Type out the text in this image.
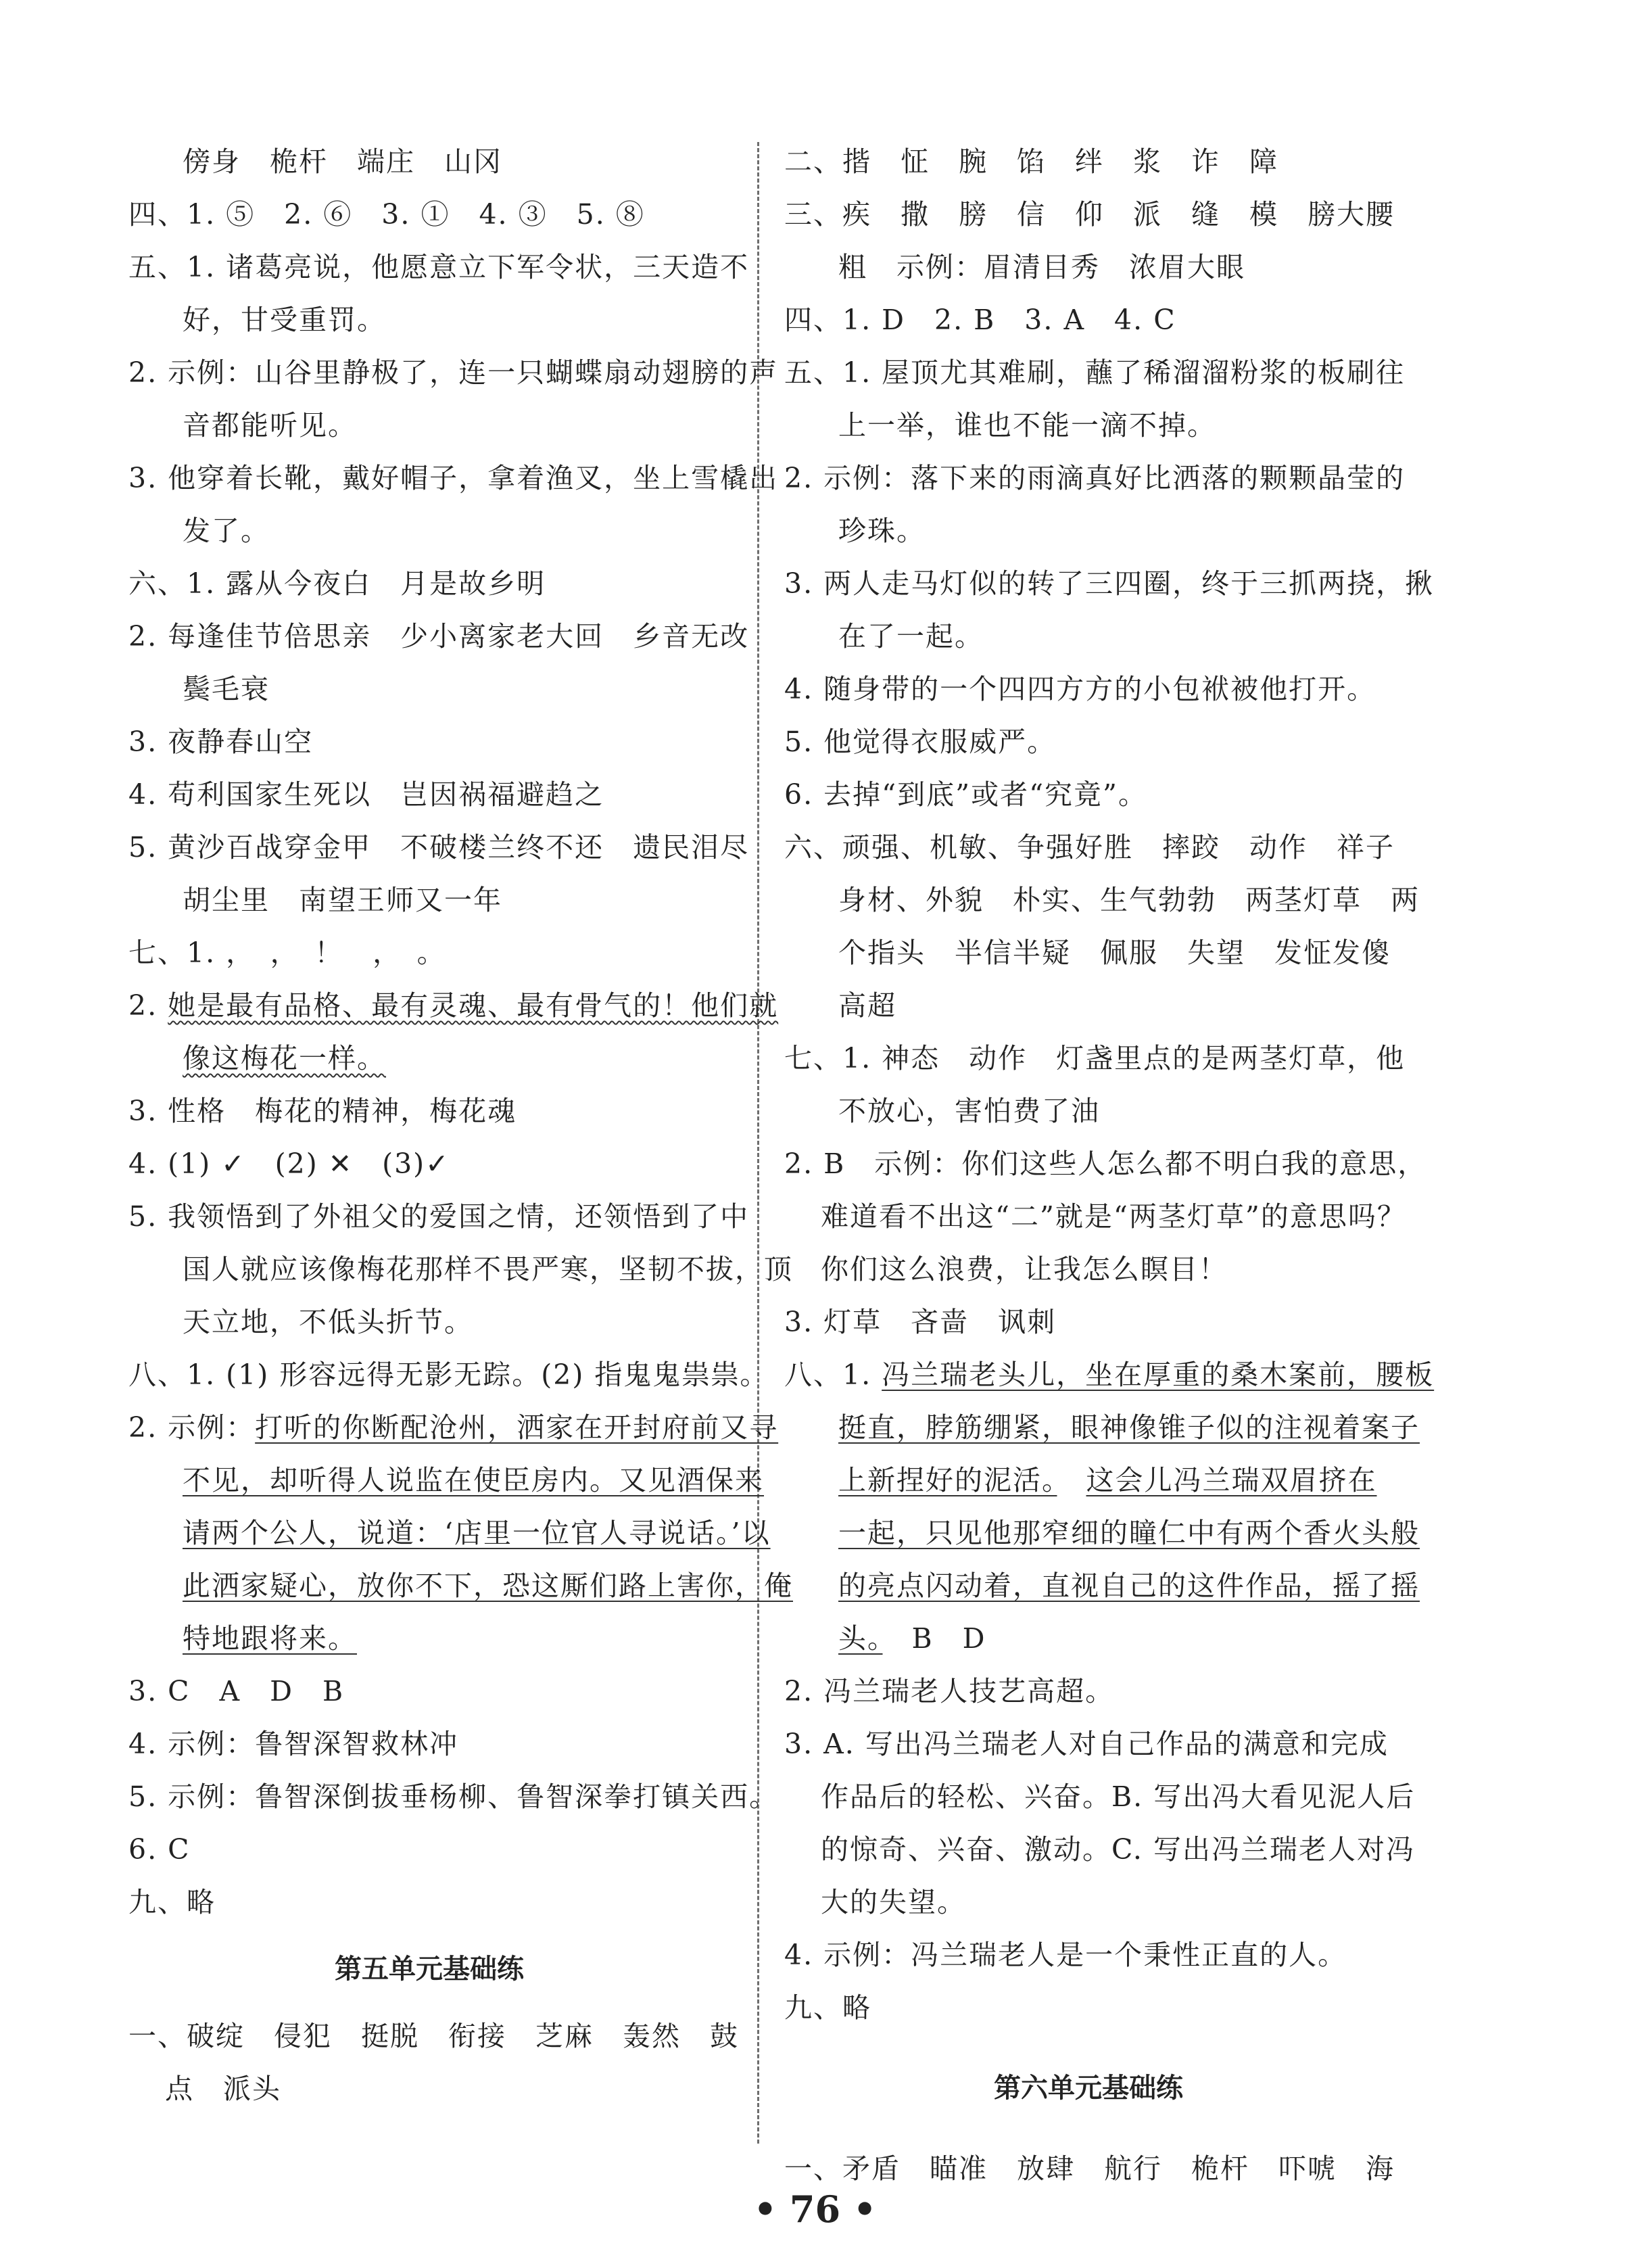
傍身　桅杆　端庄　山冈
四、1. ⑤　2. ⑥　3. ①　4. ③　5. ⑧
五、1. 诸葛亮说，他愿意立下军令状，三天造不
好，甘受重罚。
2. 示例：山谷里静极了，连一只蝴蝶扇动翅膀的声
音都能听见。
3. 他穿着长靴，戴好帽子，拿着渔叉，坐上雪橇出
发了。
六、1. 露从今夜白　月是故乡明
2. 每逢佳节倍思亲　少小离家老大回　乡音无改
鬓毛衰
3. 夜静春山空
4. 苟利国家生死以　岂因祸福避趋之
5. 黄沙百战穿金甲　不破楼兰终不还　遗民泪尽
胡尘里　南望王师又一年
七、1. ，　，　！　，　。
2. 她是最有品格、最有灵魂、最有骨气的！他们就
像这梅花一样。
3. 性格　梅花的精神，梅花魂
4. (1) ✓　(2) ✕　(3)✓
5. 我领悟到了外祖父的爱国之情，还领悟到了中
国人就应该像梅花那样不畏严寒，坚韧不拔，顶
天立地，不低头折节。
八、1. (1) 形容远得无影无踪。(2) 指鬼鬼祟祟。
2. 示例：打听的你断配沧州，洒家在开封府前又寻
不见，却听得人说监在使臣房内。又见酒保来
请两个公人，说道：‘店里一位官人寻说话。’以
此洒家疑心，放你不下，恐这厮们路上害你，俺
特地跟将来。
3. C　A　D　B
4. 示例：鲁智深智救林冲
5. 示例：鲁智深倒拔垂杨柳、鲁智深拳打镇关西。
6. C
九、略
第五单元基础练
一、破绽　侵犯　挺脱　衔接　芝麻　轰然　鼓
点　派头
二、揩　怔　腕　馅　绊　浆　诈　障
三、疾　撒　膀　信　仰　派　缝　模　膀大腰
粗　示例：眉清目秀　浓眉大眼
四、1. D　2. B　3. A　4. C
五、1. 屋顶尤其难刷，蘸了稀溜溜粉浆的板刷往
上一举，谁也不能一滴不掉。
2. 示例：落下来的雨滴真好比洒落的颗颗晶莹的
珍珠。
3. 两人走马灯似的转了三四圈，终于三抓两挠，揪
在了一起。
4. 随身带的一个四四方方的小包袱被他打开。
5. 他觉得衣服威严。
6. 去掉“到底”或者“究竟”。
六、顽强、机敏、争强好胜　摔跤　动作　祥子
身材、外貌　朴实、生气勃勃　两茎灯草　两
个指头　半信半疑　佩服　失望　发怔发傻
高超
七、1. 神态　动作　灯盏里点的是两茎灯草，他
不放心，害怕费了油
2. B　示例：你们这些人怎么都不明白我的意思，
难道看不出这“二”就是“两茎灯草”的意思吗？
你们这么浪费，让我怎么瞑目！
3. 灯草　吝啬　讽刺
八、1. 冯兰瑞老头儿，坐在厚重的桑木案前，腰板
挺直，脖筋绷紧，眼神像锥子似的注视着案子
上新捏好的泥活。　 这会儿冯兰瑞双眉挤在
一起，只见他那窄细的瞳仁中有两个香火头般
的亮点闪动着，直视自己的这件作品，摇了摇
头。　B　D
2. 冯兰瑞老人技艺高超。
3. A. 写出冯兰瑞老人对自己作品的满意和完成
作品后的轻松、兴奋。B. 写出冯大看见泥人后
的惊奇、兴奋、激动。C. 写出冯兰瑞老人对冯
大的失望。
4. 示例：冯兰瑞老人是一个秉性正直的人。
九、略
第六单元基础练
一、矛盾　瞄准　放肆　航行　桅杆　吓唬　海
• 76 •
